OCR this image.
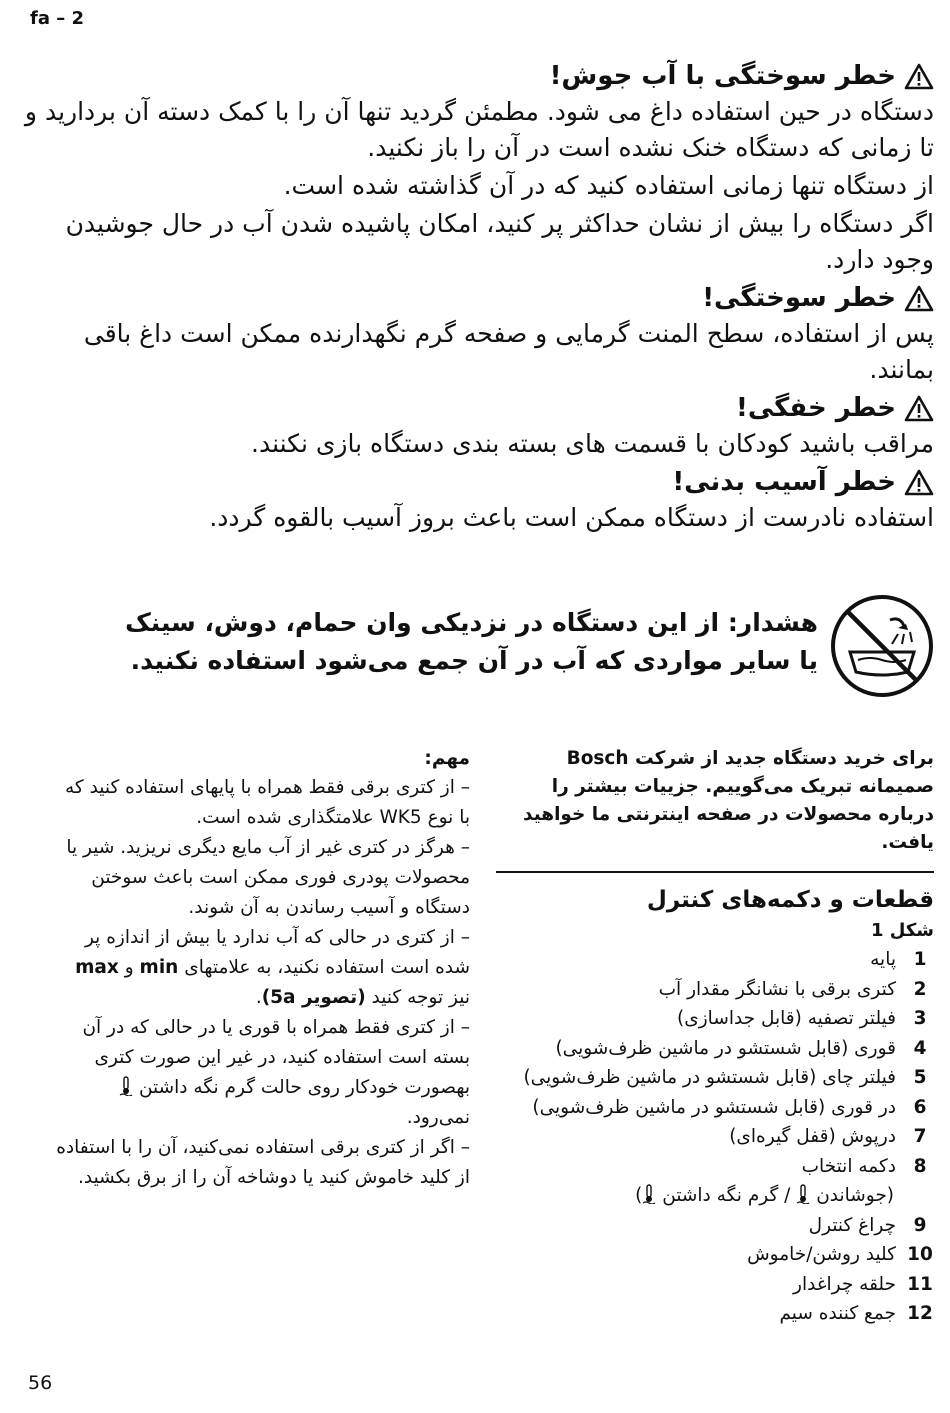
fa – 2
خطر سوختگی با آب جوش!

دستگاه در حین استفاده داغ می شود. مطمئن گردید تنها آن را با کمک دسته آن بردارید و تا زمانی که دستگاه خنک نشده است در آن را باز نکنید.

از دستگاه تنها زمانی استفاده کنید که در آن گذاشته شده است.

اگر دستگاه را بیش از نشان حداکثر پر کنید، امکان پاشیده شدن آب در حال جوشیدن وجود دارد.

خطر سوختگی!

پس از استفاده، سطح المنت گرمایی و صفحه گرم نگهدارنده ممکن است داغ باقی بمانند.

خطر خفگی!

مراقب باشید کودکان با قسمت های بسته بندی دستگاه بازی نکنند.

خطر آسیب بدنی!

استفاده نادرست از دستگاه ممکن است باعث بروز آسیب بالقوه گردد.

هشدار: از این دستگاه در نزدیکی وان حمام، دوش، سینک یا سایر مواردی که آب در آن جمع می‌شود استفاده نکنید.
برای خرید دستگاه جدید از شرکت Bosch صمیمانه تبریک می‌گوییم. جزییات بیشتر را درباره محصولات در صفحه اینترنتی ما خواهید یافت.
قطعات و دکمه‌های کنترل
شکل 1
1
پایه
2
کتری برقی با نشانگر مقدار آب
3
فیلتر تصفیه (قابل جداسازی)
4
قوری (قابل شستشو در ماشین ظرف‌شویی)
5
فیلتر چای (قابل شستشو در ماشین ظرف‌شویی)
6
در قوری (قابل شستشو در ماشین ظرف‌شویی)
7
درپوش (قفل گیره‌ای)
8
دکمه انتخاب
(جوشاندن  / گرم نگه داشتن )
9
چراغ کنترل
10
کلید روشن/خاموش
11
حلقه چراغدار
12
جمع کننده سیم
مهم:

– از کتری برقی فقط همراه با پایهای استفاده کنید که با نوع WK5 علامتگذاری شده است.

– هرگز در کتری غیر از آب مایع دیگری نریزید. شیر یا محصولات پودری فوری ممکن است باعث سوختن دستگاه و آسیب رساندن به آن شوند.

– از کتری در حالی که آب ندارد یا بیش از اندازه پر شده است استفاده نکنید، به علامتهای min و max نیز توجه کنید (تصویر 5a).

– از کتری فقط همراه با قوری یا در حالی که در آن بسته است استفاده کنید، در غیر این صورت کتری بهصورت خودکار روی حالت گرم نگه داشتن  نمی‌رود.

– اگر از کتری برقی استفاده نمی‌کنید، آن را با استفاده از کلید خاموش کنید یا دوشاخه آن را از برق بکشید.

56
